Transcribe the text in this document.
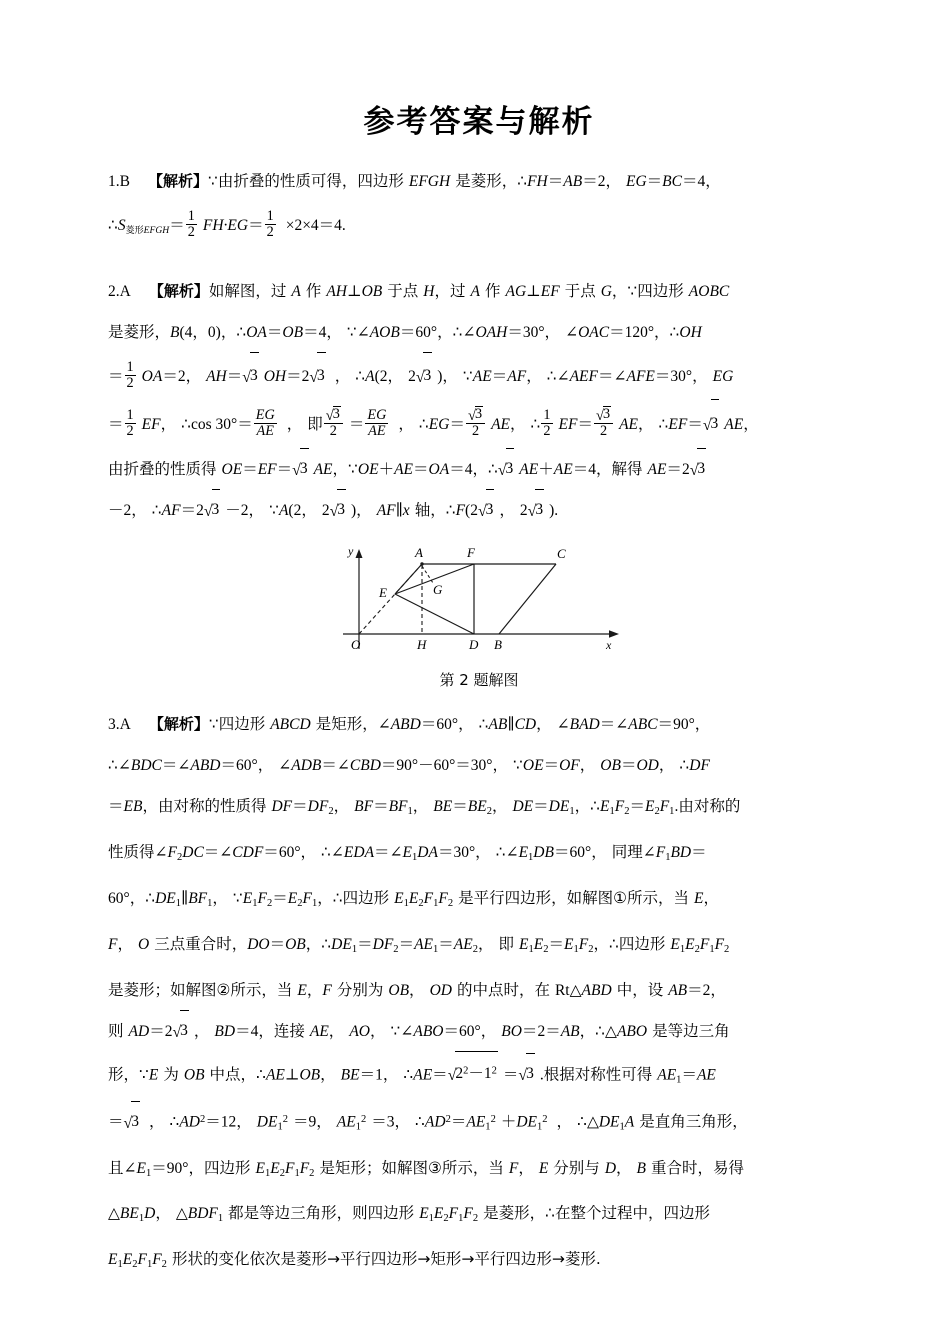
参考答案与解析
1.B 【解析】∵由折叠的性质可得，四边形 EFGH 是菱形，∴FH＝AB＝2， EG＝BC＝4，
∴S菱形EFGH＝ $\frac{1}{2} FH\cdot EG= \frac{1}{2} \times 2\times 4=4$.
2.A 【解析】如解图，过 A 作 AH⊥OB 于点 H，过 A 作 AG⊥EF 于点 G，∵四边形 AOBC
是菱形，B(4，0)，∴OA＝OB＝4， ∵∠AOB＝60°，∴∠OAH＝30°， ∠OAC＝120°，∴OH
＝ $\frac{1}{2} OA=2$， AH＝√3 OH＝2√3 ， ∴A(2， 2√3 )， ∵AE＝AF， ∴∠AEF＝∠AFE＝30°， EG
＝ $\frac{1}{2}$ EF， ∴cos $30^\circ= \frac{EG}{AE}$ ， 即 $\frac{√3}{2} = \frac{EG}{AE}$ ， ∴EG＝ $\frac{√3}{2}$ AE， ∴ $\frac{1}{2} EF= \frac{√3}{2}$ AE， ∴EF＝√3 AE，
由折叠的性质得 OE＝EF＝√3 AE，∵OE＋AE＝OA＝4，∴√3 AE＋AE＝4，解得 AE＝2√3
－2， ∴AF＝2√3 －2， ∵A(2， 2√3 )， AF∥x 轴，∴F(2√3 ， 2√3 ).
O	H	D B
E	G
A	F	C
y
x
第 2 题解图
3.A 【解析】∵四边形 ABCD 是矩形，∠ABD＝60°， ∴AB∥CD， ∠BAD＝∠ABC＝90°，
∴∠BDC＝∠ABD＝60°， ∠ADB＝∠CBD＝90°－60°＝30°， ∵OE＝OF， OB＝OD， ∴DF
＝EB，由对称的性质得 $DF=DF_2$， $BF=BF_1$， $BE=BE_2$， $DE=DE_1$，$\therefore E_1F_2=E_2F_1$.由对称的
性质得$\angle F_2DC=\angle CDF=60^\circ$， $\therefore\angle EDA=\angle E_1DA=30^\circ$， $\therefore\angle E_1DB=60^\circ$， 同理$\angle F_1BD=$
60°，$\therefore DE_1\parallel BF_1$， $\because E_1F_2=E_2F_1$，∴四边形 $E_1E_2F_1F_2$ 是平行四边形，如解图①所示，当 E，
F， O 三点重合时，DO＝OB，$\therefore DE_1=DF_2=AE_1=AE_2$， 即 $E_1E_2=E_1F_2$，∴四边形 $E_1E_2F_1F_2$
是菱形；如解图②所示，当 E，F 分别为 OB， OD 的中点时，在 Rt△ABD 中，设 AB＝2，
则 AD＝2√3 ， BD＝4，连接 AE， AO， ∵∠ABO＝60°， BO＝2＝AB，∴△ABO 是等边三角
形，∵E 为 OB 中点，∴AE⊥OB， BE＝1， $\therefore AE=√2^2-1^2 =√3$ .根据对称性可得 $AE_1=AE$
＝√3 ， $\therefore AD^2=12$， $DE_1^2 =9$， $AE_1^2 =3$， $\therefore AD^2=AE_1^2 +DE_1^2$ ， $\therefore\triangle DE_1A$ 是直角三角形，
且$\angle E_1=90^\circ$，四边形 $E_1E_2F_1F_2$ 是矩形；如解图③所示，当 F， E 分别与 D， B 重合时，易得
$\triangle BE_1D$， $\triangle BDF_1$ 都是等边三角形，则四边形 $E_1E_2F_1F_2$ 是菱形，∴在整个过程中，四边形
$E_1E_2F_1F_2$ 形状的变化依次是菱形→平行四边形→矩形→平行四边形→菱形.
